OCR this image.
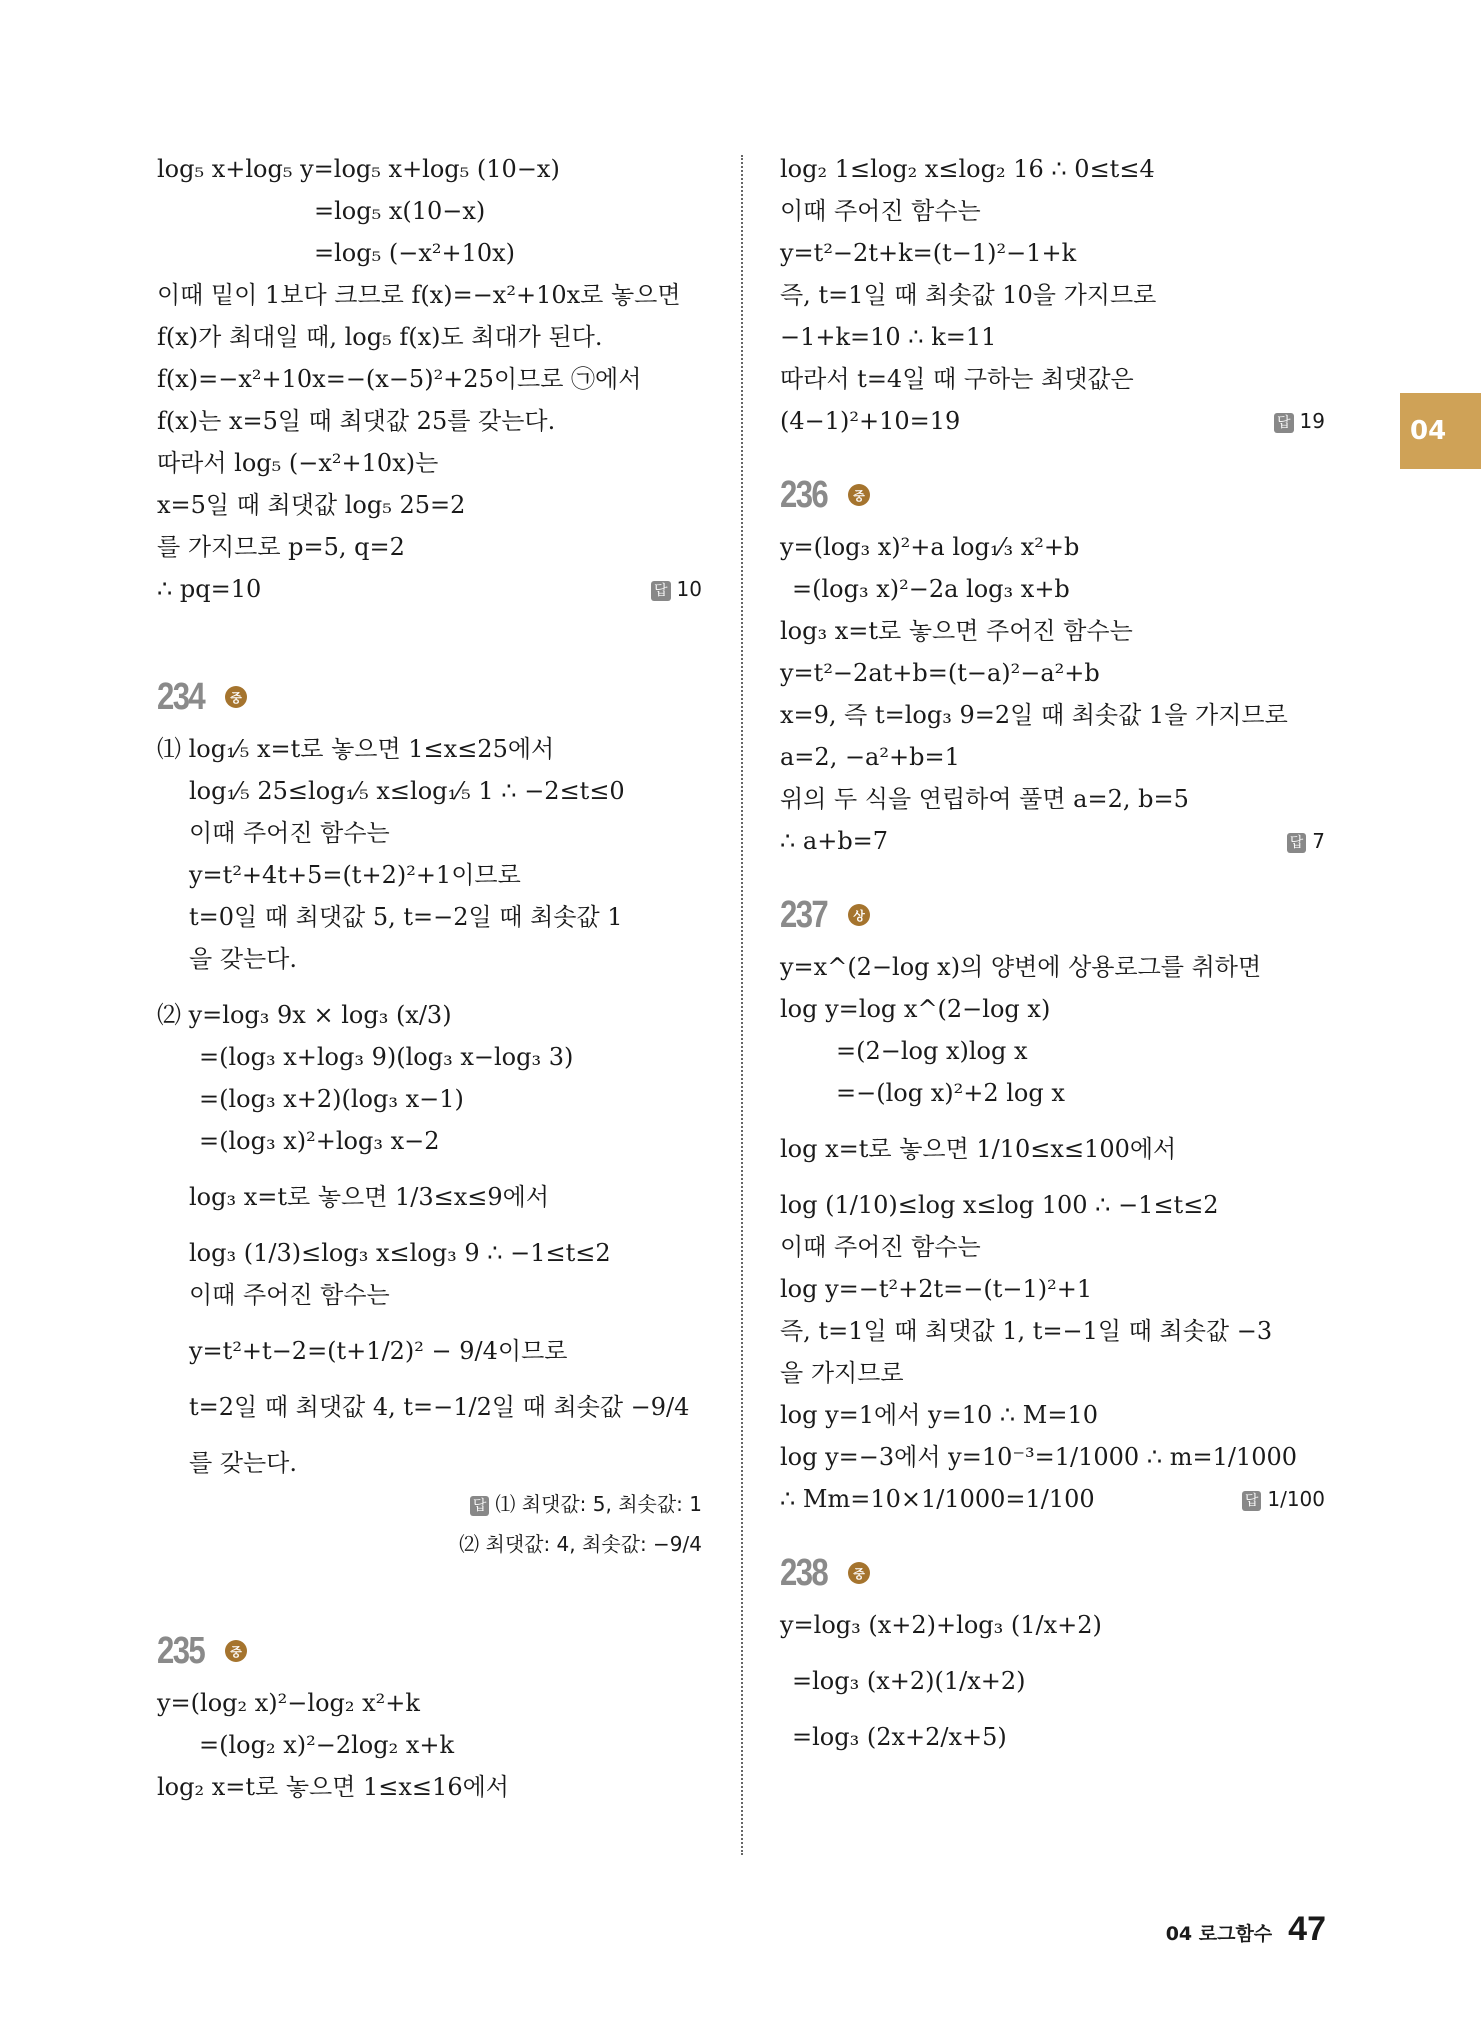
log₅ x+log₅ y=log₅ x+log₅ (10−x)
=log₅ x(10−x)
=log₅ (−x²+10x)
이때 밑이 1보다 크므로 f(x)=−x²+10x로 놓으면
f(x)가 최대일 때, log₅ f(x)도 최대가 된다.
f(x)=−x²+10x=−(x−5)²+25이므로 ㉠에서
f(x)는 x=5일 때 최댓값 25를 갖는다.
따라서 log₅ (−x²+10x)는
x=5일 때 최댓값 log₅ 25=2
를 가지므로 p=5, q=2
∴ pq=10	답 10
234	중
⑴ log₁⁄₅ x=t로 놓으면 1≤x≤25에서
log₁⁄₅ 25≤log₁⁄₅ x≤log₁⁄₅ 1 ∴ −2≤t≤0
이때 주어진 함수는
y=t²+4t+5=(t+2)²+1이므로
t=0일 때 최댓값 5, t=−2일 때 최솟값 1
을 갖는다.
⑵ y=log₃ 9x × log₃ (x/3)
=(log₃ x+log₃ 9)(log₃ x−log₃ 3)
=(log₃ x+2)(log₃ x−1)
=(log₃ x)²+log₃ x−2
log₃ x=t로 놓으면 1/3≤x≤9에서
log₃ (1/3)≤log₃ x≤log₃ 9 ∴ −1≤t≤2
이때 주어진 함수는
y=t²+t−2=(t+1/2)² − 9/4이므로
t=2일 때 최댓값 4, t=−1/2일 때 최솟값 −9/4
를 갖는다.
답 ⑴ 최댓값: 5, 최솟값: 1
⑵ 최댓값: 4, 최솟값: −9/4
235	중
y=(log₂ x)²−log₂ x²+k
=(log₂ x)²−2log₂ x+k
log₂ x=t로 놓으면 1≤x≤16에서
log₂ 1≤log₂ x≤log₂ 16 ∴ 0≤t≤4
이때 주어진 함수는
y=t²−2t+k=(t−1)²−1+k
즉, t=1일 때 최솟값 10을 가지므로
−1+k=10 ∴ k=11
따라서 t=4일 때 구하는 최댓값은
(4−1)²+10=19	답 19
236	중
y=(log₃ x)²+a log₁⁄₃ x²+b
=(log₃ x)²−2a log₃ x+b
log₃ x=t로 놓으면 주어진 함수는
y=t²−2at+b=(t−a)²−a²+b
x=9, 즉 t=log₃ 9=2일 때 최솟값 1을 가지므로
a=2, −a²+b=1
위의 두 식을 연립하여 풀면 a=2, b=5
∴ a+b=7	답 7
237	상
y=x^(2−log x)의 양변에 상용로그를 취하면
log y=log x^(2−log x)
=(2−log x)log x
=−(log x)²+2 log x
log x=t로 놓으면 1/10≤x≤100에서
log (1/10)≤log x≤log 100 ∴ −1≤t≤2
이때 주어진 함수는
log y=−t²+2t=−(t−1)²+1
즉, t=1일 때 최댓값 1, t=−1일 때 최솟값 −3
을 가지므로
log y=1에서 y=10 ∴ M=10
log y=−3에서 y=10⁻³=1/1000 ∴ m=1/1000
∴ Mm=10×1/1000=1/100	답 1/100
238	중
y=log₃ (x+2)+log₃ (1/x+2)
=log₃ (x+2)(1/x+2)
=log₃ (2x+2/x+5)
04
04 로그함수 47
